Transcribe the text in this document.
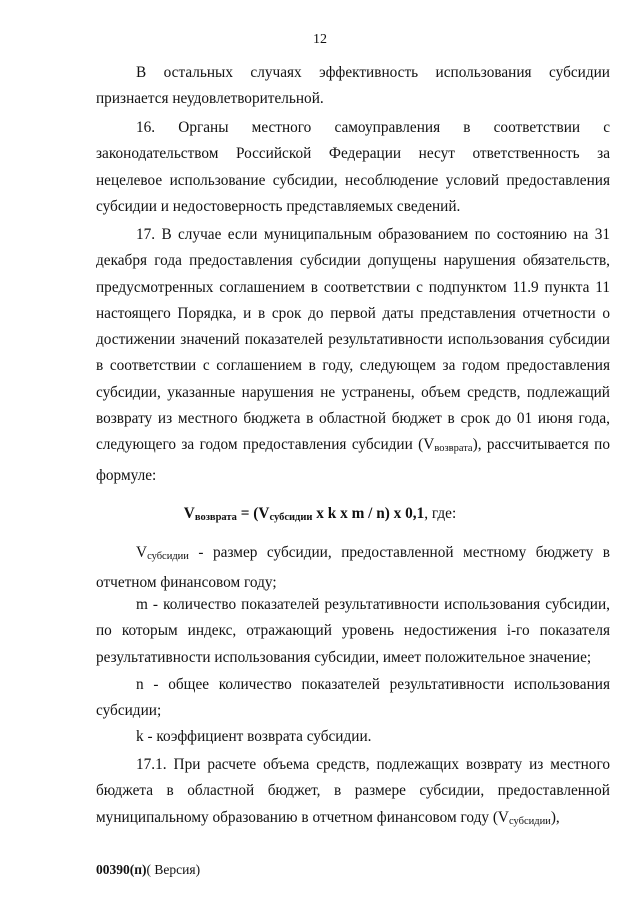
12
В остальных случаях эффективность использования субсидии признается неудовлетворительной.
16. Органы местного самоуправления в соответствии с законодательством Российской Федерации несут ответственность за нецелевое использование субсидии, несоблюдение условий предоставления субсидии и недостоверность представляемых сведений.
17. В случае если муниципальным образованием по состоянию на 31 декабря года предоставления субсидии допущены нарушения обязательств, предусмотренных соглашением в соответствии с подпунктом 11.9 пункта 11 настоящего Порядка, и в срок до первой даты представления отчетности о достижении значений показателей результативности использования субсидии в соответствии с соглашением в году, следующем за годом предоставления субсидии, указанные нарушения не устранены, объем средств, подлежащий возврату из местного бюджета в областной бюджет в срок до 01 июня года, следующего за годом предоставления субсидии (Vвозврата), рассчитывается по формуле:
Vвозврата = (Vсубсидии x k x m / n) x 0,1, где:
Vсубсидии - размер субсидии, предоставленной местному бюджету в отчетном финансовом году;
m - количество показателей результативности использования субсидии, по которым индекс, отражающий уровень недостижения i-го показателя результативности использования субсидии, имеет положительное значение;
n - общее количество показателей результативности использования субсидии;
k - коэффициент возврата субсидии.
17.1. При расчете объема средств, подлежащих возврату из местного бюджета в областной бюджет, в размере субсидии, предоставленной муниципальному образованию в отчетном финансовом году (Vсубсидии),
00390(п)( Версия)
